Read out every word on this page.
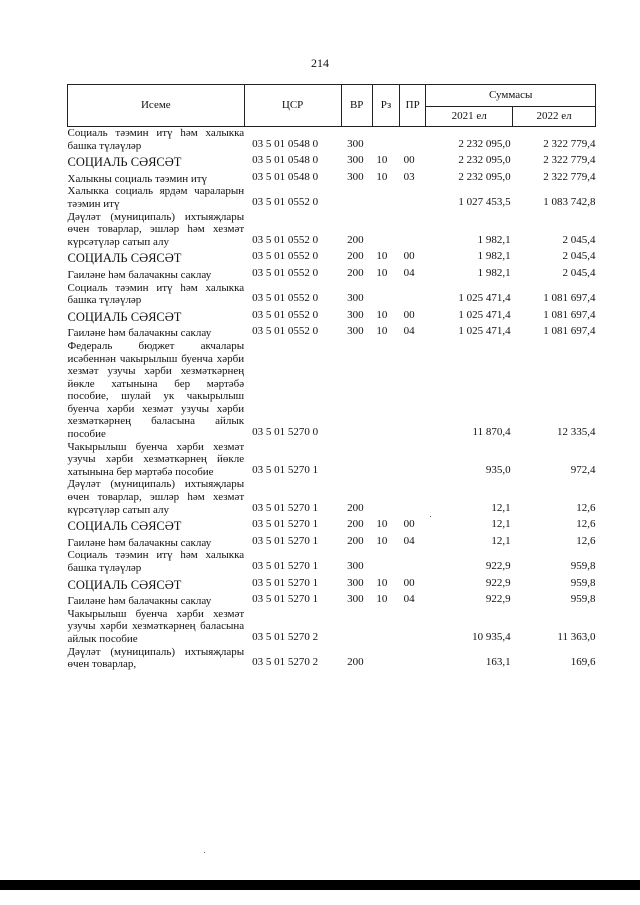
214
Исеме	ЦСР	ВР	Рз	ПР	Суммасы	
					2021 ел	2022 ел
Социаль тәэмин итү һәм халыкка башка түләүләр	03 5 01 0548 0	300			2 232 095,0	2 322 779,4
СОЦИАЛЬ СӘЯСӘТ	03 5 01 0548 0	300	10	00	2 232 095,0	2 322 779,4
Халыкны социаль тәэмин итү	03 5 01 0548 0	300	10	03	2 232 095,0	2 322 779,4
Халыкка социаль ярдәм чараларын тәэмин итү	03 5 01 0552 0				1 027 453,5	1 083 742,8
Дәүләт (муниципаль) ихтыяҗлары өчен товарлар, эшләр һәм хезмәт күрсәтүләр сатып алу	03 5 01 0552 0	200			1 982,1	2 045,4
СОЦИАЛЬ СӘЯСӘТ	03 5 01 0552 0	200	10	00	1 982,1	2 045,4
Гаиләне һәм балачакны саклау	03 5 01 0552 0	200	10	04	1 982,1	2 045,4
Социаль тәэмин итү һәм халыкка башка түләүләр	03 5 01 0552 0	300			1 025 471,4	1 081 697,4
СОЦИАЛЬ СӘЯСӘТ	03 5 01 0552 0	300	10	00	1 025 471,4	1 081 697,4
Гаиләне һәм балачакны саклау	03 5 01 0552 0	300	10	04	1 025 471,4	1 081 697,4
Федераль бюджет акчалары исәбеннән чакырылыш буенча хәрби хезмәт узучы хәрби хезмәткәрнең йөкле хатынына бер мәртәбә пособие, шулай ук чакырылыш буенча хәрби хезмәт узучы хәрби хезмәткәрнең баласына айлык пособие	03 5 01 5270 0				11 870,4	12 335,4
Чакырылыш буенча хәрби хезмәт узучы хәрби хезмәткәрнең йөкле хатынына бер мәртәбә пособие	03 5 01 5270 1				935,0	972,4
Дәүләт (муниципаль) ихтыяҗлары өчен товарлар, эшләр һәм хезмәт күрсәтүләр сатып алу	03 5 01 5270 1	200			12,1	12,6
СОЦИАЛЬ СӘЯСӘТ	03 5 01 5270 1	200	10	00	12,1	12,6
Гаиләне һәм балачакны саклау	03 5 01 5270 1	200	10	04	12,1	12,6
Социаль тәэмин итү һәм халыкка башка түләүләр	03 5 01 5270 1	300			922,9	959,8
СОЦИАЛЬ СӘЯСӘТ	03 5 01 5270 1	300	10	00	922,9	959,8
Гаиләне һәм балачакны саклау	03 5 01 5270 1	300	10	04	922,9	959,8
Чакырылыш буенча хәрби хезмәт узучы хәрби хезмәткәрнең баласына айлык пособие	03 5 01 5270 2				10 935,4	11 363,0
Дәүләт (муниципаль) ихтыяҗлары өчен товарлар,	03 5 01 5270 2	200			163,1	169,6
